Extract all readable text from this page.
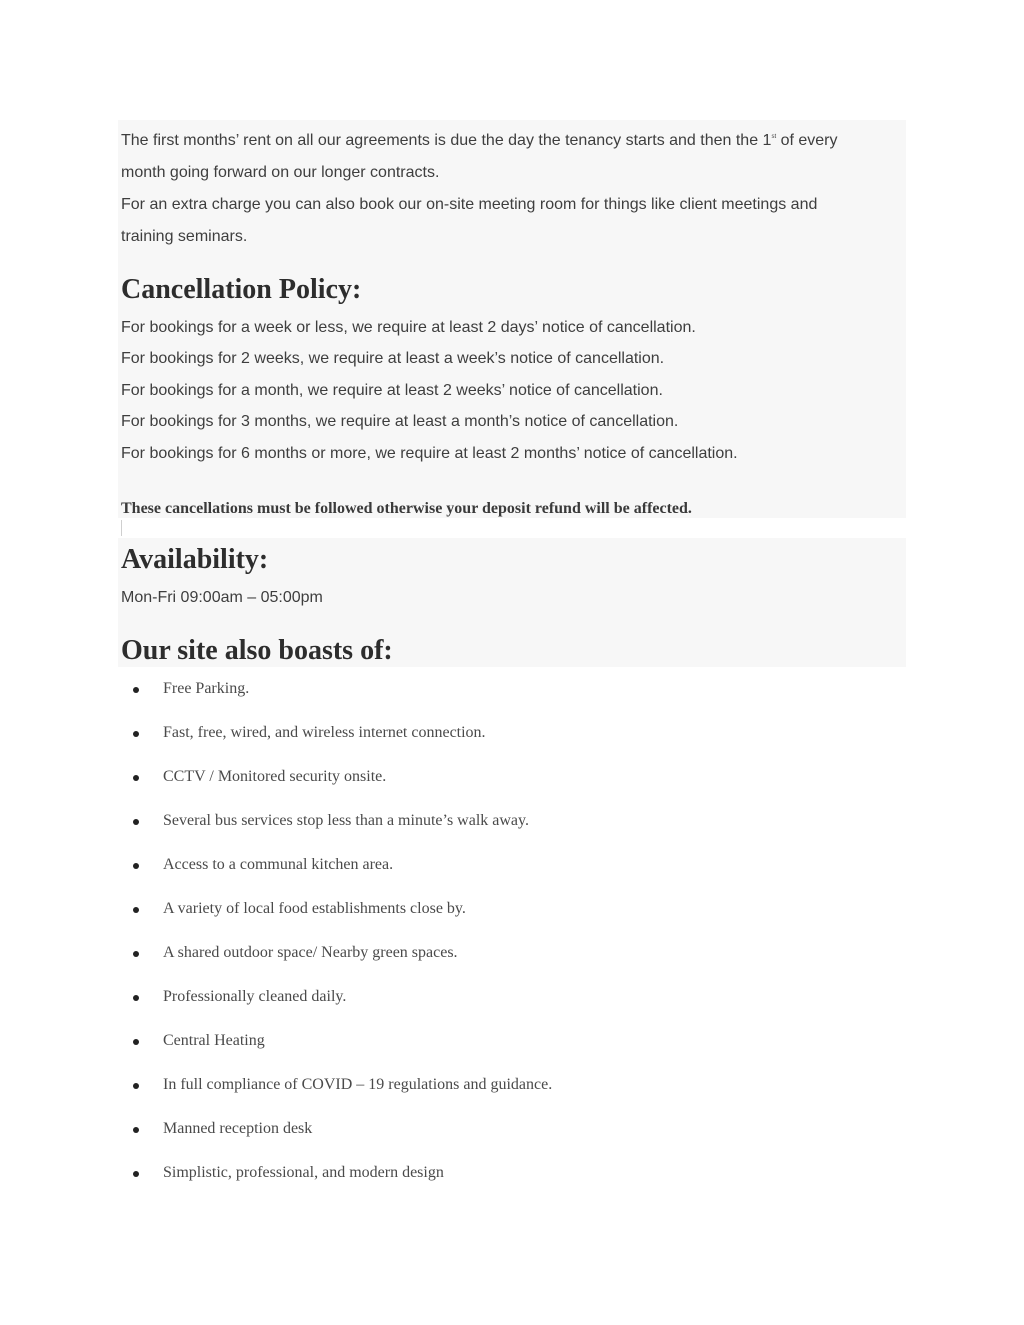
The first months’ rent on all our agreements is due the day the tenancy starts and then the 1st of every
month going forward on our longer contracts.
For an extra charge you can also book our on-site meeting room for things like client meetings and
training seminars.
Cancellation Policy:
For bookings for a week or less, we require at least 2 days’ notice of cancellation.
For bookings for 2 weeks, we require at least a week’s notice of cancellation.
For bookings for a month, we require at least 2 weeks’ notice of cancellation.
For bookings for 3 months, we require at least a month’s notice of cancellation.
For bookings for 6 months or more, we require at least 2 months’ notice of cancellation.
These cancellations must be followed otherwise your deposit refund will be affected.
Availability:
Mon-Fri 09:00am – 05:00pm
Our site also boasts of:
Free Parking.
Fast, free, wired, and wireless internet connection.
CCTV / Monitored security onsite.
Several bus services stop less than a minute’s walk away.
Access to a communal kitchen area.
A variety of local food establishments close by.
A shared outdoor space/ Nearby green spaces.
Professionally cleaned daily.
Central Heating
In full compliance of COVID – 19 regulations and guidance.
Manned reception desk
Simplistic, professional, and modern design
